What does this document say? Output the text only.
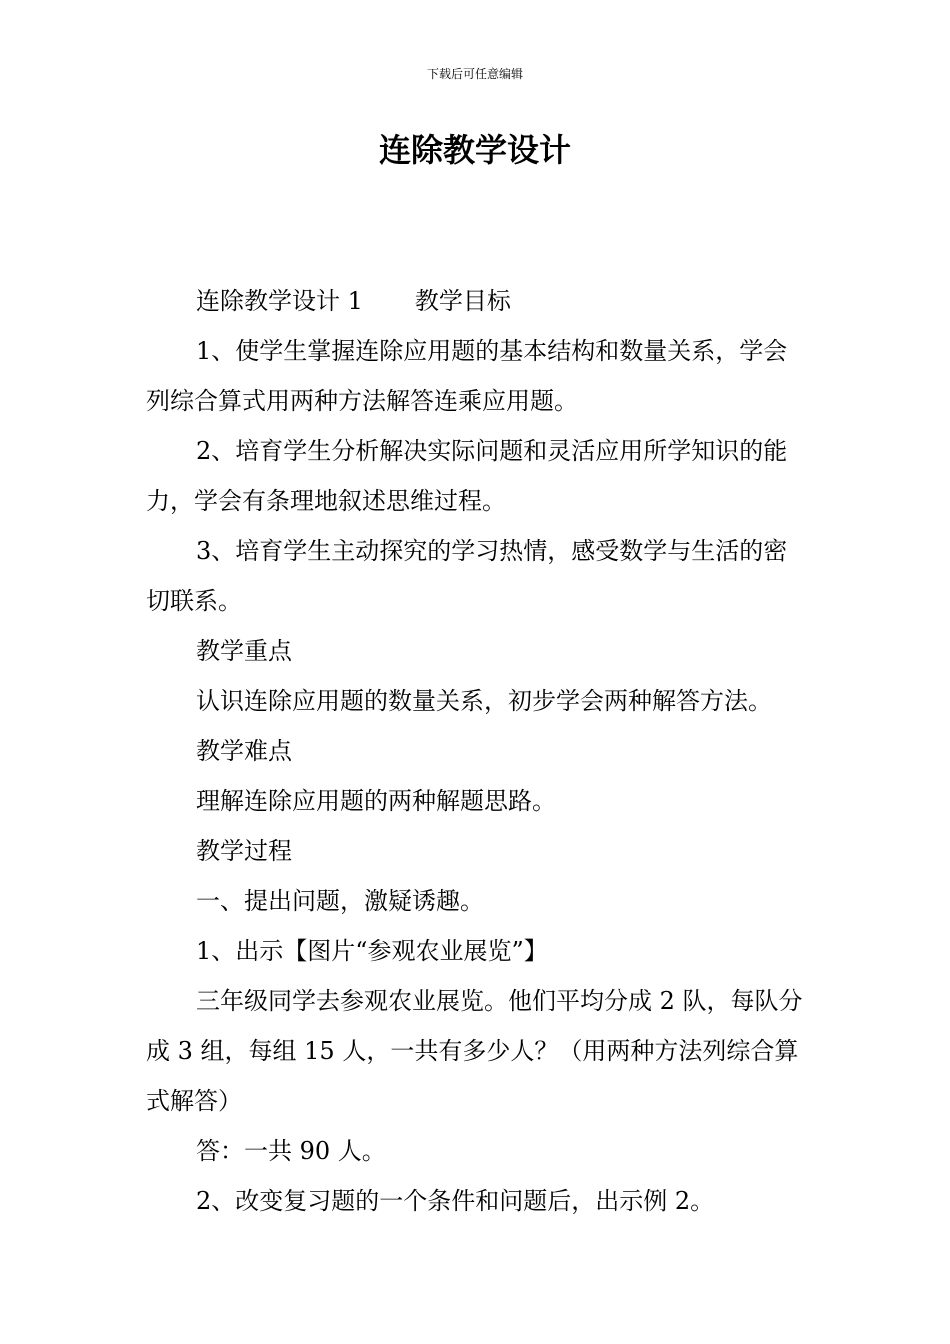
下载后可任意编辑
连除教学设计

连除教学设计 1 教学目标

1、使学生掌握连除应用题的基本结构和数量关系，学会列综合算式用两种方法解答连乘应用题。

2、培育学生分析解决实际问题和灵活应用所学知识的能力，学会有条理地叙述思维过程。

3、培育学生主动探究的学习热情，感受数学与生活的密切联系。

教学重点

认识连除应用题的数量关系，初步学会两种解答方法。

教学难点

理解连除应用题的两种解题思路。

教学过程

一、提出问题，激疑诱趣。

1、出示【图片“参观农业展览”】

三年级同学去参观农业展览。他们平均分成 2 队，每队分成 3 组，每组 15 人，一共有多少人？（用两种方法列综合算式解答）

答：一共 90 人。

2、改变复习题的一个条件和问题后，出示例 2。
